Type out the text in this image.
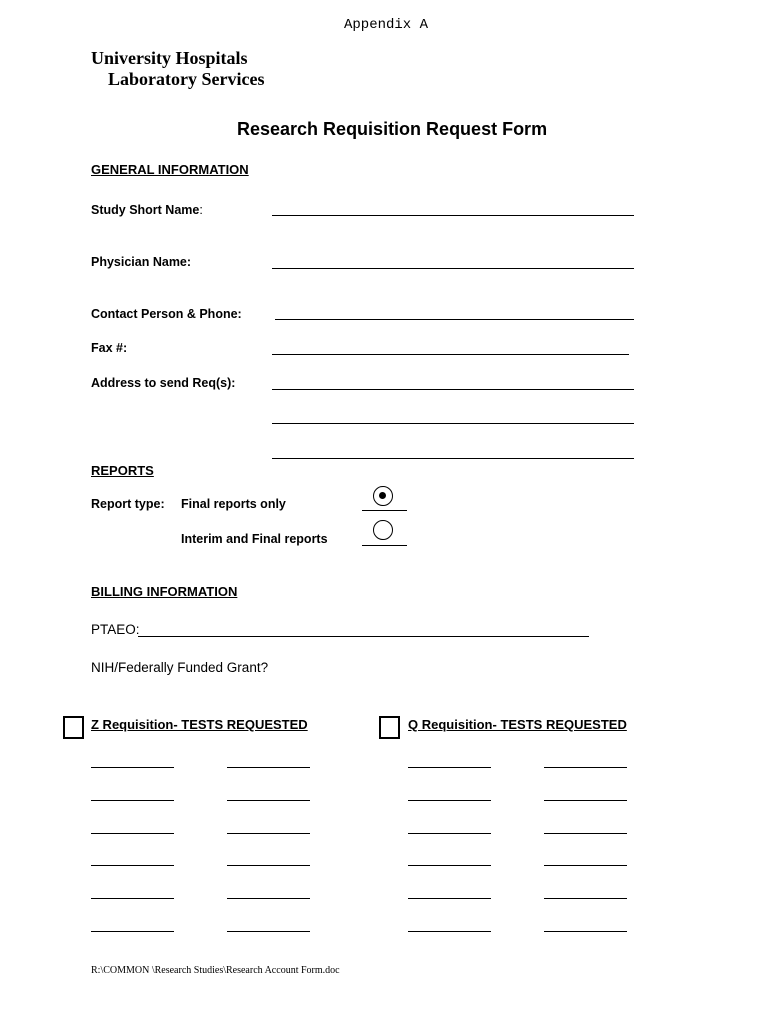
Appendix A
University Hospitals
Laboratory Services
Research Requisition Request Form
GENERAL INFORMATION
Study Short Name:
Physician Name:
Contact Person & Phone:
Fax #:
Address to send Req(s):
REPORTS
Report type: Final reports only
Interim and Final reports
BILLING INFORMATION
PTAEO:
NIH/Federally Funded Grant?
Z Requisition- TESTS REQUESTED	Q Requisition- TESTS REQUESTED
R:\COMMON \Research Studies\Research Account Form.doc
